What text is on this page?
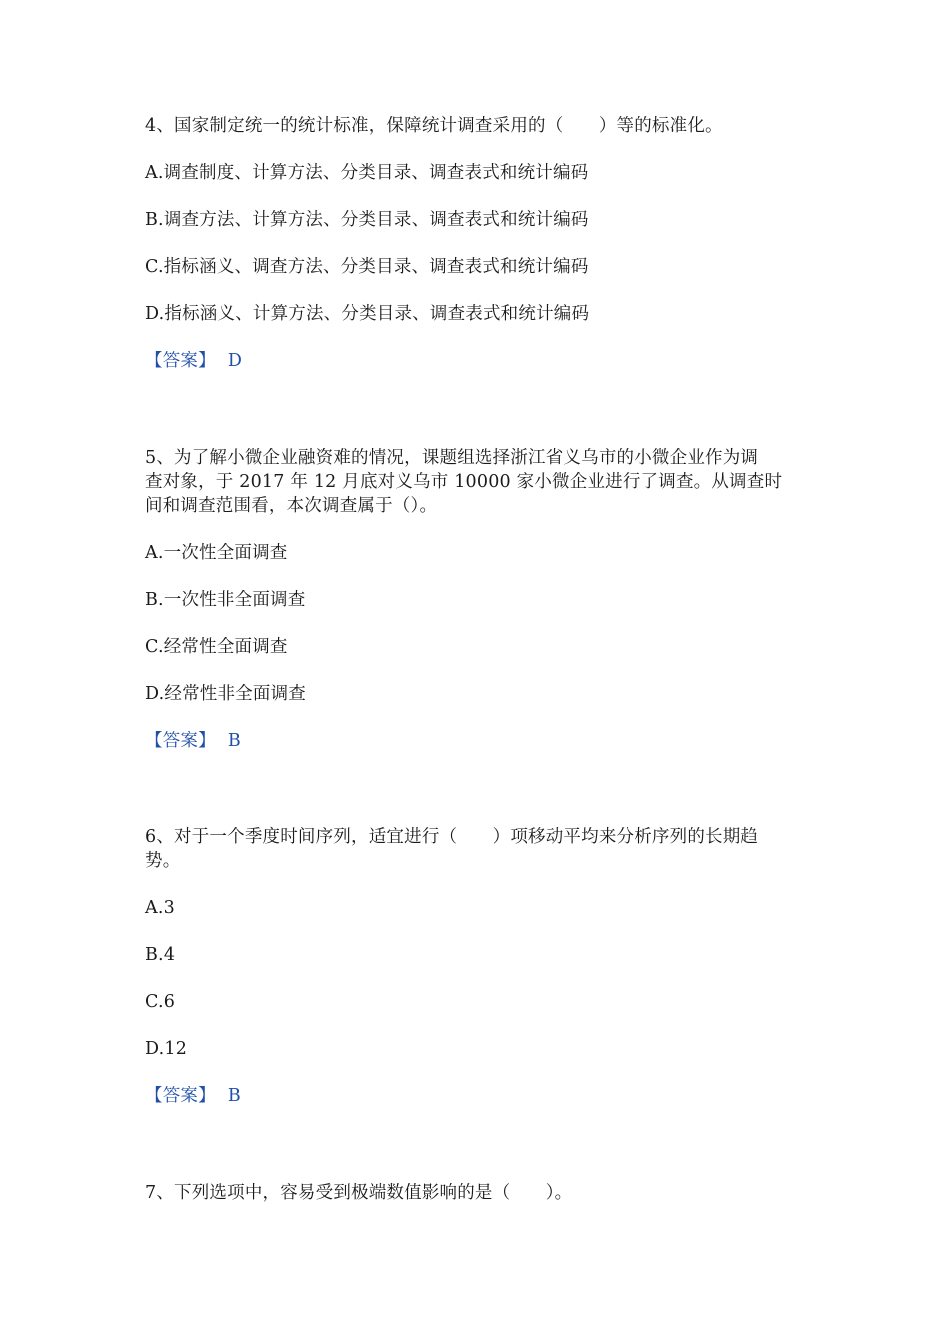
4、国家制定统一的统计标准，保障统计调查采用的（　　）等的标准化。

A.调查制度、计算方法、分类目录、调查表式和统计编码

B.调查方法、计算方法、分类目录、调查表式和统计编码

C.指标涵义、调查方法、分类目录、调查表式和统计编码

D.指标涵义、计算方法、分类目录、调查表式和统计编码

【答案】 D

5、为了解小微企业融资难的情况，课题组选择浙江省义乌市的小微企业作为调

查对象，于 2017 年 12 月底对义乌市 10000 家小微企业进行了调查。从调查时

间和调查范围看，本次调查属于（）。

A.一次性全面调查

B.一次性非全面调查

C.经常性全面调查

D.经常性非全面调查

【答案】 B

6、对于一个季度时间序列，适宜进行（　　）项移动平均来分析序列的长期趋

势。

A.3

B.4

C.6

D.12

【答案】 B

7、下列选项中，容易受到极端数值影响的是（　　）。
